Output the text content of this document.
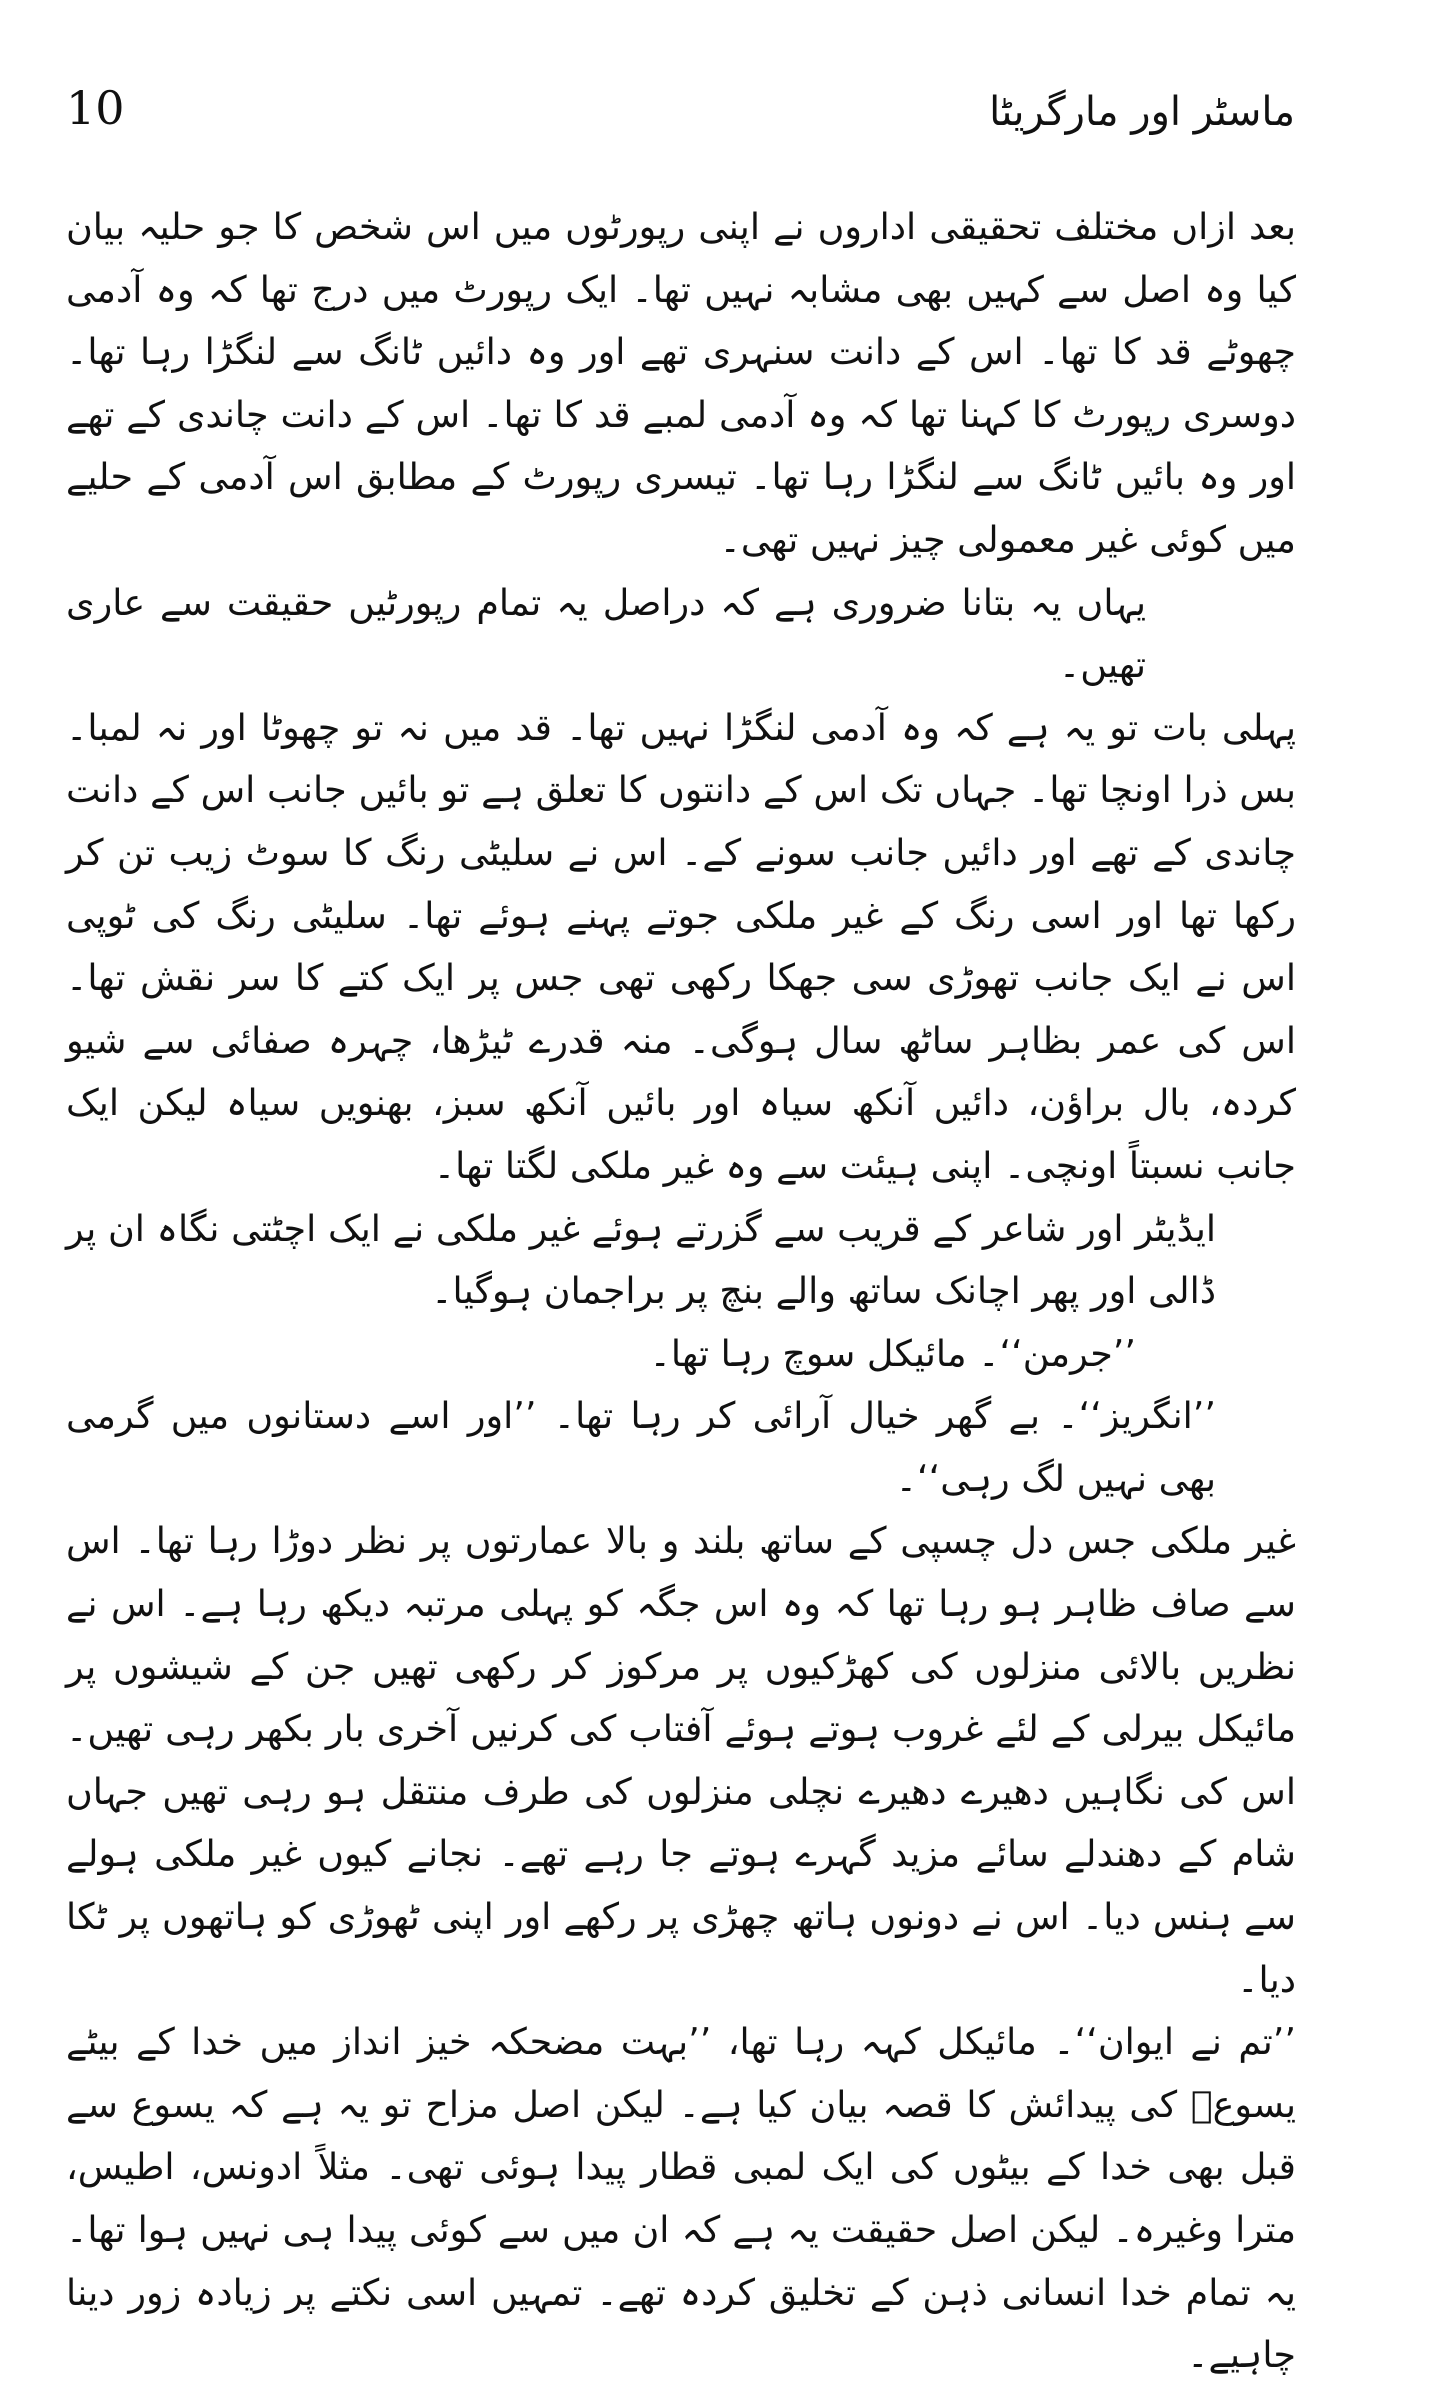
10	ماسٹر اور مارگریٹا

بعد ازاں مختلف تحقیقی اداروں نے اپنی رپورٹوں میں اس شخص کا جو حلیہ بیان کیا وہ اصل سے کہیں بھی مشابہ نہیں تھا۔ ایک رپورٹ میں درج تھا کہ وہ آدمی چھوٹے قد کا تھا۔ اس کے دانت سنہری تھے اور وہ دائیں ٹانگ سے لنگڑا رہا تھا۔ دوسری رپورٹ کا کہنا تھا کہ وہ آدمی لمبے قد کا تھا۔ اس کے دانت چاندی کے تھے اور وہ بائیں ٹانگ سے لنگڑا رہا تھا۔ تیسری رپورٹ کے مطابق اس آدمی کے حلیے میں کوئی غیر معمولی چیز نہیں تھی۔

یہاں یہ بتانا ضروری ہے کہ دراصل یہ تمام رپورٹیں حقیقت سے عاری تھیں۔

پہلی بات تو یہ ہے کہ وہ آدمی لنگڑا نہیں تھا۔ قد میں نہ تو چھوٹا اور نہ لمبا۔ بس ذرا اونچا تھا۔ جہاں تک اس کے دانتوں کا تعلق ہے تو بائیں جانب اس کے دانت چاندی کے تھے اور دائیں جانب سونے کے۔ اس نے سلیٹی رنگ کا سوٹ زیب تن کر رکھا تھا اور اسی رنگ کے غیر ملکی جوتے پہنے ہوئے تھا۔ سلیٹی رنگ کی ٹوپی اس نے ایک جانب تھوڑی سی جھکا رکھی تھی جس پر ایک کتے کا سر نقش تھا۔ اس کی عمر بظاہر ساٹھ سال ہوگی۔ منہ قدرے ٹیڑھا، چہرہ صفائی سے شیو کردہ، بال براؤن، دائیں آنکھ سیاہ اور بائیں آنکھ سبز، بھنویں سیاہ لیکن ایک جانب نسبتاً اونچی۔ اپنی ہیئت سے وہ غیر ملکی لگتا تھا۔

ایڈیٹر اور شاعر کے قریب سے گزرتے ہوئے غیر ملکی نے ایک اچٹتی نگاہ ان پر ڈالی اور پھر اچانک ساتھ والے بنچ پر براجمان ہوگیا۔

’’جرمن‘‘۔ مائیکل سوچ رہا تھا۔

’’انگریز‘‘۔ بے گھر خیال آرائی کر رہا تھا۔ ’’اور اسے دستانوں میں گرمی بھی نہیں لگ رہی‘‘۔

غیر ملکی جس دل چسپی کے ساتھ بلند و بالا عمارتوں پر نظر دوڑا رہا تھا۔ اس سے صاف ظاہر ہو رہا تھا کہ وہ اس جگہ کو پہلی مرتبہ دیکھ رہا ہے۔ اس نے نظریں بالائی منزلوں کی کھڑکیوں پر مرکوز کر رکھی تھیں جن کے شیشوں پر مائیکل بیرلی کے لئے غروب ہوتے ہوئے آفتاب کی کرنیں آخری بار بکھر رہی تھیں۔ اس کی نگاہیں دھیرے دھیرے نچلی منزلوں کی طرف منتقل ہو رہی تھیں جہاں شام کے دھندلے سائے مزید گہرے ہوتے جا رہے تھے۔ نجانے کیوں غیر ملکی ہولے سے ہنس دیا۔ اس نے دونوں ہاتھ چھڑی پر رکھے اور اپنی ٹھوڑی کو ہاتھوں پر ٹکا دیا۔

’’تم نے ایوان‘‘۔ مائیکل کہہ رہا تھا، ’’بہت مضحکہ خیز انداز میں خدا کے بیٹے یسوعؑ کی پیدائش کا قصہ بیان کیا ہے۔ لیکن اصل مزاح تو یہ ہے کہ یسوع سے قبل بھی خدا کے بیٹوں کی ایک لمبی قطار پیدا ہوئی تھی۔ مثلاً ادونس، اطیس، مترا وغیرہ۔ لیکن اصل حقیقت یہ ہے کہ ان میں سے کوئی پیدا ہی نہیں ہوا تھا۔ یہ تمام خدا انسانی ذہن کے تخلیق کردہ تھے۔ تمہیں اسی نکتے پر زیادہ زور دینا چاہیے۔
